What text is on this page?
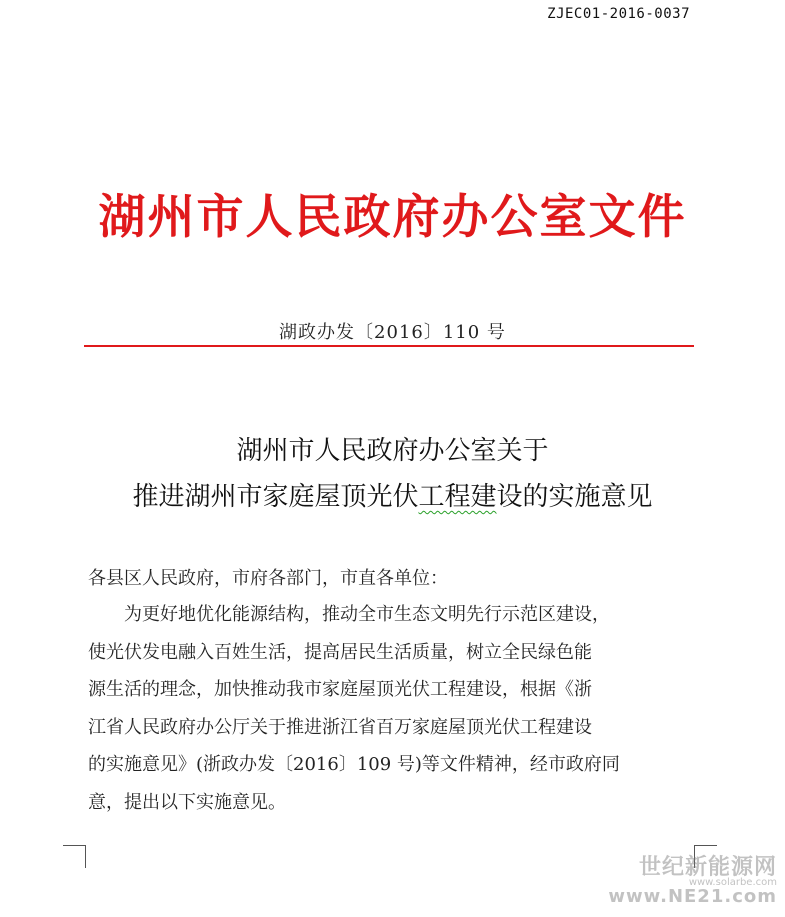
ZJEC01-2016-0037
湖州市人民政府办公室文件
湖政办发〔2016〕110 号
湖州市人民政府办公室关于
推进湖州市家庭屋顶光伏工程建设的实施意见
各县区人民政府，市府各部门，市直各单位：
为更好地优化能源结构，推动全市生态文明先行示范区建设，
使光伏发电融入百姓生活，提高居民生活质量，树立全民绿色能
源生活的理念，加快推动我市家庭屋顶光伏工程建设，根据《浙
江省人民政府办公厅关于推进浙江省百万家庭屋顶光伏工程建设
的实施意见》(浙政办发〔2016〕109 号)等文件精神，经市政府同
意，提出以下实施意见。
世纪新能源网
www.solarbe.com
www.NE21.com
